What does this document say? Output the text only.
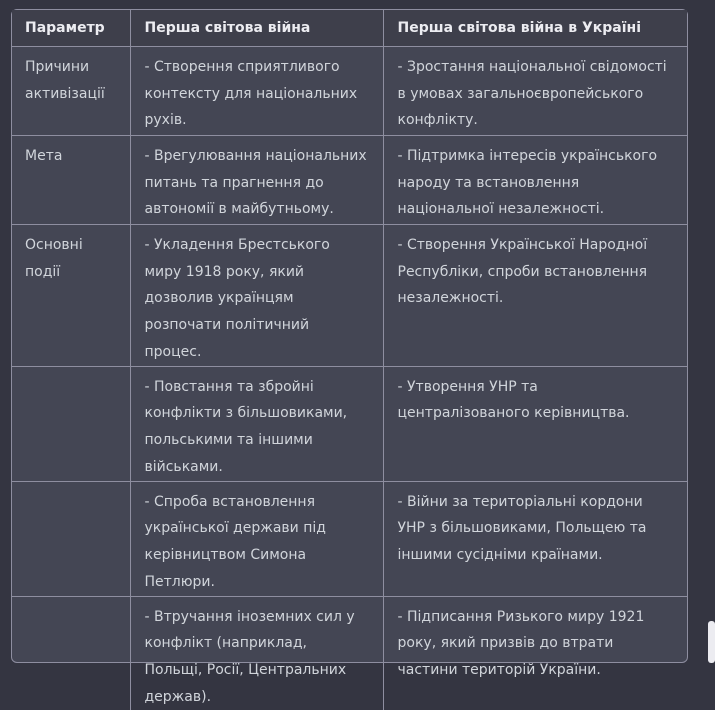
Параметр	Перша світова війна	Перша світова війна в Україні
Причини активізації	- Створення сприятливого контексту для національних рухів.	- Зростання національної свідомості в умовах загальноєвропейського конфлікту.
Мета	- Врегулювання національних питань та прагнення до автономії в майбутньому.	- Підтримка інтересів українського народу та встановлення національної незалежності.
Основні події	- Укладення Брестського миру 1918 року, який дозволив українцям розпочати політичний процес.	- Створення Української Народної Республіки, спроби встановлення незалежності.
	- Повстання та збройні конфлікти з більшовиками, польськими та іншими військами.	- Утворення УНР та централізованого керівництва.
	- Спроба встановлення української держави під керівництвом Симона Петлюри.	- Війни за територіальні кордони УНР з більшовиками, Польщею та іншими сусідніми країнами.
	- Втручання іноземних сил у конфлікт (наприклад, Польщі, Росії, Центральних держав).	- Підписання Ризького миру 1921 року, який призвів до втрати частини територій України.
